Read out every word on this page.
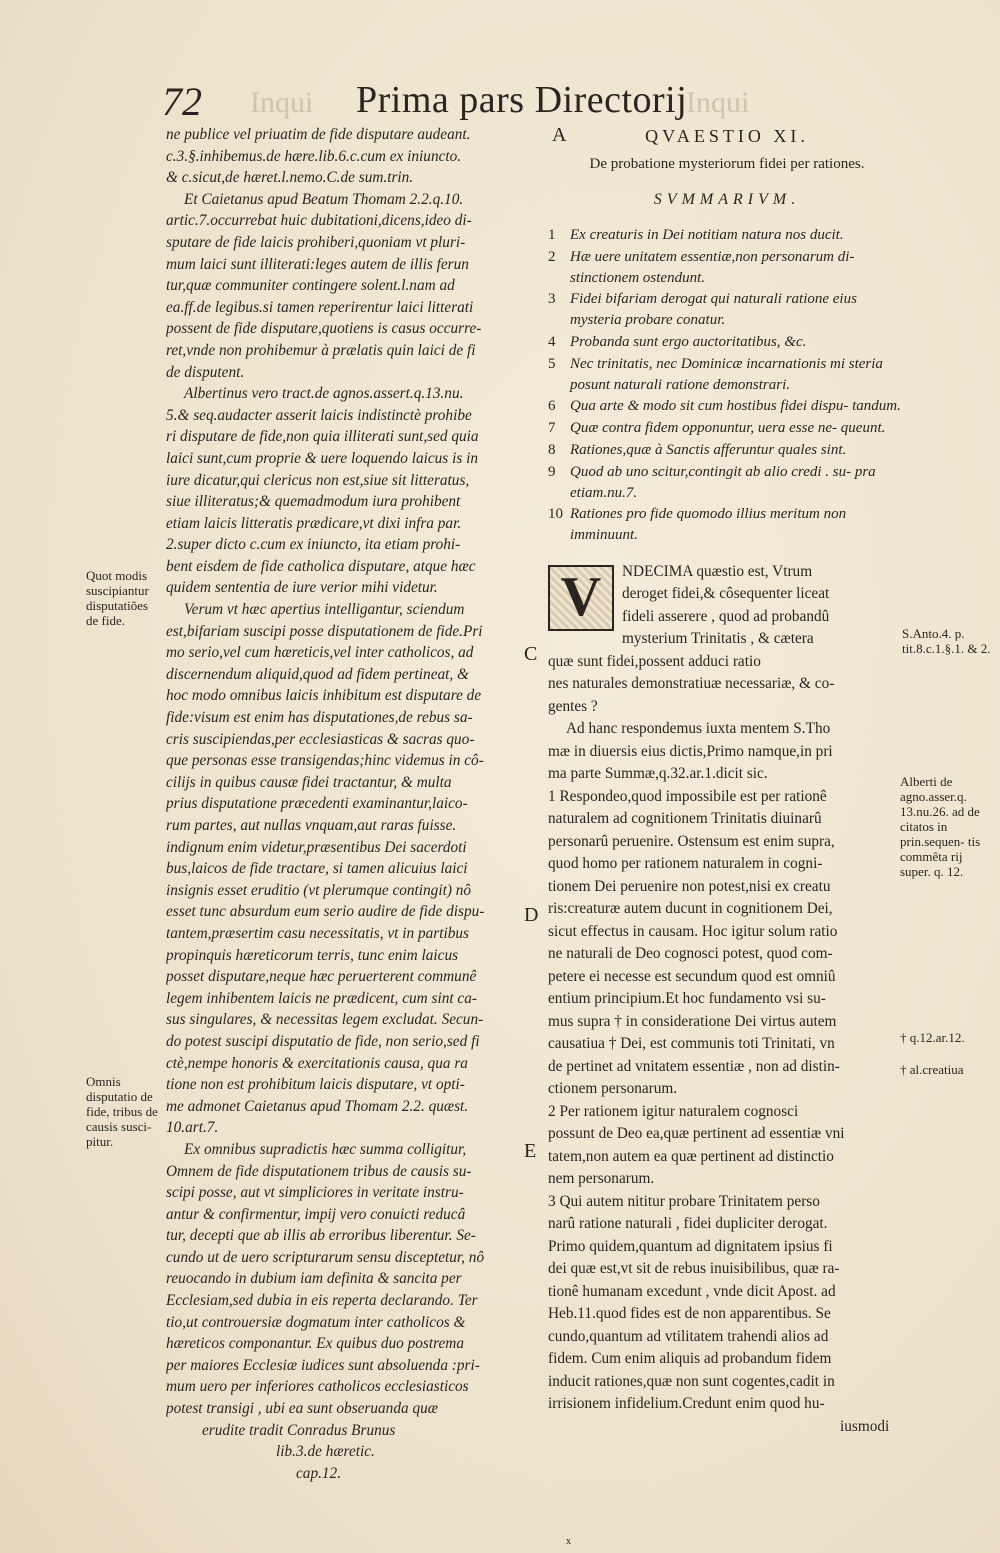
72 Inqui Prima pars Directorij
Inqui
ne publice vel priuatim de fide disputare audeant.
c.3.§.inhibemus.de hære.lib.6.c.cum ex iniuncto.
& c.sicut,de hæret.l.nemo.C.de sum.trin.
Et Caietanus apud Beatum Thomam 2.2.q.10.
artic.7.occurrebat huic dubitationi,dicens,ideo di-
sputare de fide laicis prohiberi,quoniam vt pluri-
mum laici sunt illiterati:leges autem de illis ferun
tur,quæ communiter contingere solent.l.nam ad
ea.ff.de legibus.si tamen reperirentur laici litterati
possent de fide disputare,quotiens is casus occurre-
ret,vnde non prohibemur à prælatis quin laici de fi
de disputent.
Albertinus vero tract.de agnos.assert.q.13.nu.
5.& seq.audacter asserit laicis indistinctè prohibe
ri disputare de fide,non quia illiterati sunt,sed quia
laici sunt,cum proprie & uere loquendo laicus is in
iure dicatur,qui clericus non est,siue sit litteratus,
siue illiteratus;& quemadmodum iura prohibent
etiam laicis litteratis prædicare,vt dixi infra par.
2.super dicto c.cum ex iniuncto, ita etiam prohi-
bent eisdem de fide catholica disputare, atque hæc
quidem sententia de iure verior mihi videtur.
Verum vt hæc apertius intelligantur, sciendum
est,bifariam suscipi posse disputationem de fide.Pri
mo serio,vel cum hæreticis,vel inter catholicos, ad
discernendum aliquid,quod ad fidem pertineat, &
hoc modo omnibus laicis inhibitum est disputare de
fide:visum est enim has disputationes,de rebus sa-
cris suscipiendas,per ecclesiasticas & sacras quo-
que personas esse transigendas;hinc videmus in cô-
cilijs in quibus causæ fidei tractantur, & multa
prius disputatione præcedenti examinantur,laico-
rum partes, aut nullas vnquam,aut raras fuisse.
indignum enim videtur,præsentibus Dei sacerdoti
bus,laicos de fide tractare, si tamen alicuius laici
insignis esset eruditio (vt plerumque contingit) nô
esset tunc absurdum eum serio audire de fide dispu-
tantem,præsertim casu necessitatis, vt in partibus
propinquis hæreticorum terris, tunc enim laicus
posset disputare,neque hæc peruerterent communê
legem inhibentem laicis ne prædicent, cum sint ca-
sus singulares, & necessitas legem excludat. Secun-
do potest suscipi disputatio de fide, non serio,sed fi
ctè,nempe honoris & exercitationis causa, qua ra
tione non est prohibitum laicis disputare, vt opti-
me admonet Caietanus apud Thomam 2.2. quæst.
10.art.7.
Ex omnibus supradictis hæc summa colligitur,
Omnem de fide disputationem tribus de causis su-
scipi posse, aut vt simpliciores in veritate instru-
antur & confirmentur, impij vero conuicti reducâ
tur, decepti que ab illis ab erroribus liberentur. Se-
cundo ut de uero scripturarum sensu disceptetur, nô
reuocando in dubium iam definita & sancita per
Ecclesiam,sed dubia in eis reperta declarando. Ter
tio,ut controuersiæ dogmatum inter catholicos &
hæreticos componantur. Ex quibus duo postrema
per maiores Ecclesiæ iudices sunt absoluenda :pri-
mum uero per inferiores catholicos ecclesiasticos
potest transigi , ubi ea sunt obseruanda quæ
erudite tradit Conradus Brunus
lib.3.de hæretic.
cap.12.
A
C
D
E
Quot modis suscipiantur disputatiões de fide.
Omnis disputatio de fide, tribus de causis susci- pitur.
QVAESTIO XI.
De probatione mysteriorum fidei per rationes.
SVMMARIVM.
1 Ex creaturis in Dei notitiam natura nos ducit.
2 Hæ uere unitatem essentiæ,non personarum di- stinctionem ostendunt.
3 Fidei bifariam derogat qui naturali ratione eius mysteria probare conatur.
4 Probanda sunt ergo auctoritatibus, &c.
5 Nec trinitatis, nec Dominicæ incarnationis mi steria posunt naturali ratione demonstrari.
6 Qua arte & modo sit cum hostibus fidei dispu- tandum.
7 Quæ contra fidem opponuntur, uera esse ne- queunt.
8 Rationes,quæ à Sanctis afferuntur quales sint.
9 Quod ab uno scitur,contingit ab alio credi . su- pra etiam.nu.7.
10 Rationes pro fide quomodo illius meritum non imminuunt.
V	NDECIMA quæstio est, Vtrum
deroget fidei,& côsequenter liceat
fideli asserere , quod ad probandû
mysterium Trinitatis , & cætera
quæ sunt fidei,possent adduci ratio
nes naturales demonstratiuæ necessariæ, & co-
gentes ?
Ad hanc respondemus iuxta mentem S.Tho
mæ in diuersis eius dictis,Primo namque,in pri
ma parte Summæ,q.32.ar.1.dicit sic.
1 Respondeo,quod impossibile est per rationê
naturalem ad cognitionem Trinitatis diuinarû
personarû peruenire. Ostensum est enim supra,
quod homo per rationem naturalem in cogni-
tionem Dei peruenire non potest,nisi ex creatu
ris:creaturæ autem ducunt in cognitionem Dei,
sicut effectus in causam. Hoc igitur solum ratio
ne naturali de Deo cognosci potest, quod com-
petere ei necesse est secundum quod est omniû
entium principium.Et hoc fundamento vsi su-
mus supra † in consideratione Dei virtus autem
causatiua † Dei, est communis toti Trinitati, vn
de pertinet ad vnitatem essentiæ , non ad distin-
ctionem personarum.
2 Per rationem igitur naturalem cognosci
possunt de Deo ea,quæ pertinent ad essentiæ vni
tatem,non autem ea quæ pertinent ad distinctio
nem personarum.
3 Qui autem nititur probare Trinitatem perso
narû ratione naturali , fidei dupliciter derogat.
Primo quidem,quantum ad dignitatem ipsius fi
dei quæ est,vt sit de rebus inuisibilibus, quæ ra-
tionê humanam excedunt , vnde dicit Apost. ad
Heb.11.quod fides est de non apparentibus. Se
cundo,quantum ad vtilitatem trahendi alios ad
fidem. Cum enim aliquis ad probandum fidem
inducit rationes,quæ non sunt cogentes,cadit in
irrisionem infidelium.Credunt enim quod hu-
iusmodi
S.Anto.4. p. tit.8.c.1.§.1. & 2.
Alberti de agno.asser.q. 13.nu.26. ad de citatos in prin.sequen- tis commêta rij super. q. 12.
† q.12.ar.12.
† al.creatiua
x
